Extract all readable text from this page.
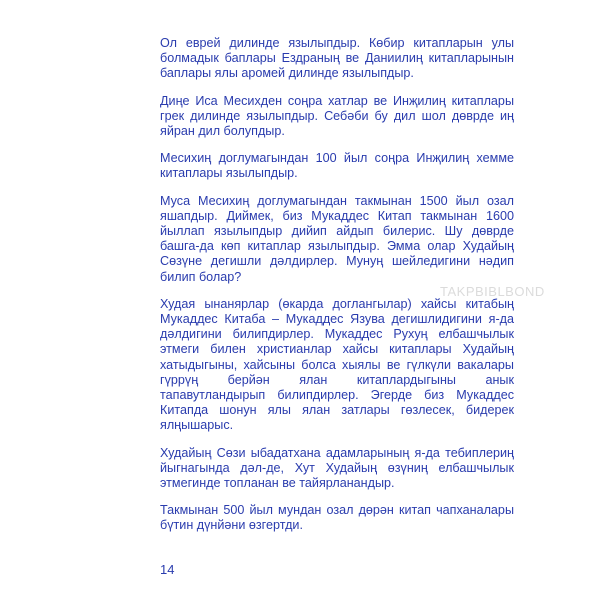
Ол еврей дилинде язылыпдыр. Көбир китапларын улы болмадык баплары Ездраның ве Даниилиң китапларынын баплары ялы аромей дилинде язылыпдыр.

Диңе Иса Месихден соңра хатлар ве Инҗилиң китаплары грек дилинде язылыпдыр. Себәби бу дил шол дөврде иң яйран дил болупдыр.

Месихиң доглумагындан 100 йыл соңра Инҗилиң хемме китаплары язылыпдыр.

Муса Месихиң доглумагындан такмынан 1500 йыл озал яшапдыр. Диймек, биз Мукаддес Китап такмынан 1600 йыллап язылыпдыр дийип айдып билерис. Шу дөврде башга-да көп китаплар язылыпдыр. Эмма олар Худайың Сөзүне дегишли дәлдирлер. Мунуң шейледигини нәдип билип болар?

Худая ынанярлар (өкарда доглангылар) хайсы китабың Мукаддес Китаба – Мукаддес Язува дегишлидигини я-да дәлдигини билипдирлер. Мукаддес Рухуң елбашчылык этмеги билен христианлар хайсы китаплары Худайың хатыдыгыны, хайсыны болса хыялы ве гүлкүли вакалары гүррүң берйән ялан китаплардыгыны анык тапавутландырып билипдирлер. Эгерде биз Мукаддес Китапда шонун ялы ялан затлары гөзлесек, бидерек ялңышарыс.

Худайың Сөзи ыбадатхана адамларының я-да тебиплериң йыгнагында дәл-де, Хут Худайың өзүниң елбашчылык этмегинде топланан ве тайярланандыр.

Такмынан 500 йыл мундан озал дөрән китап чапханалары бүтин дүнйәни өзгертди.

TAKPBIBLBOND
14
